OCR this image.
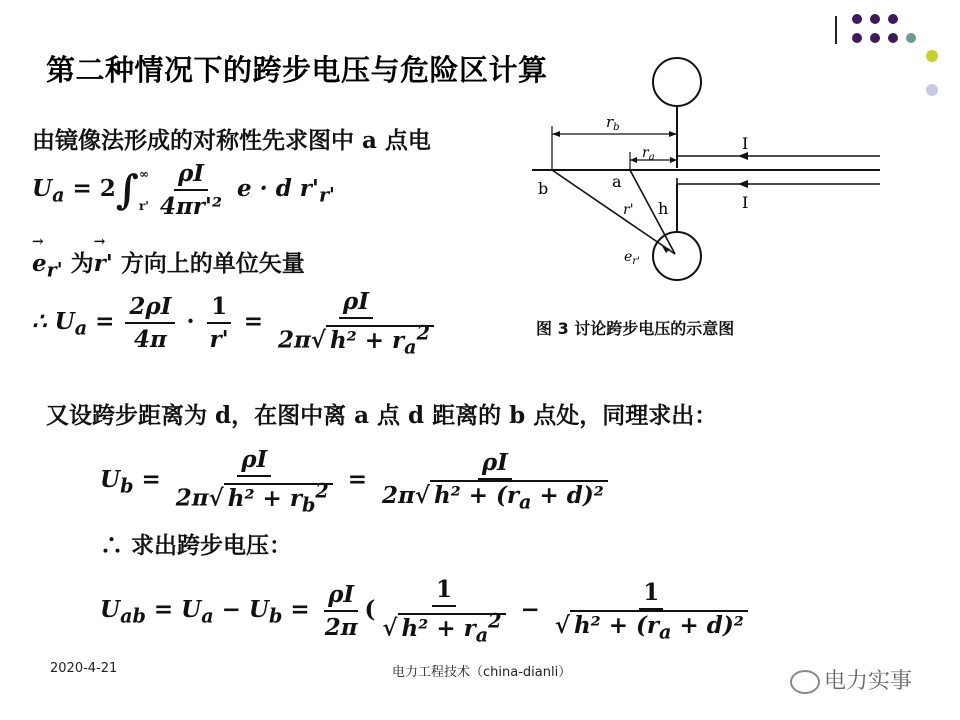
第二种情况下的跨步电压与危险区计算
由镜像法形成的对称性先求图中 a 点电
$U_a = 2\int$ ∞
$r' \frac{\rho I}{\text{4πr'²}}$ e · d $r'_{r'}$
→ $e_{r'}$ 为→ r' 方向上的单位矢量
∴ $U_a = \frac{2\rho I}{4\pi} \cdot \frac{1}{r'} = \frac{\rho I}{2\pi√ h^2 + r_a^2}$
又设跨步距离为 d，在图中离 a 点 d 距离的 b 点处，同理求出：
$U_b = \frac{\rho I}{2\pi√ h^2 + r_b^2} = \frac{\rho I}{2\pi√ h^2 + (r_a + d)^2}$
∴ 求出跨步电压：
$U_{ab} = U_a - U_b = \frac{\rho I}{2\pi}$ ( $\frac{1}{√ h^2 + r_a^2} - \frac{1}{√ h^2 + (r_a + d)^2}$
$r_b$
$r_a$
I
I
b	a
h
r'
$e_{r'}$
图 3 讨论跨步电压的示意图
2020-4-21	电力工程技术（china-dianli）	电力实事
